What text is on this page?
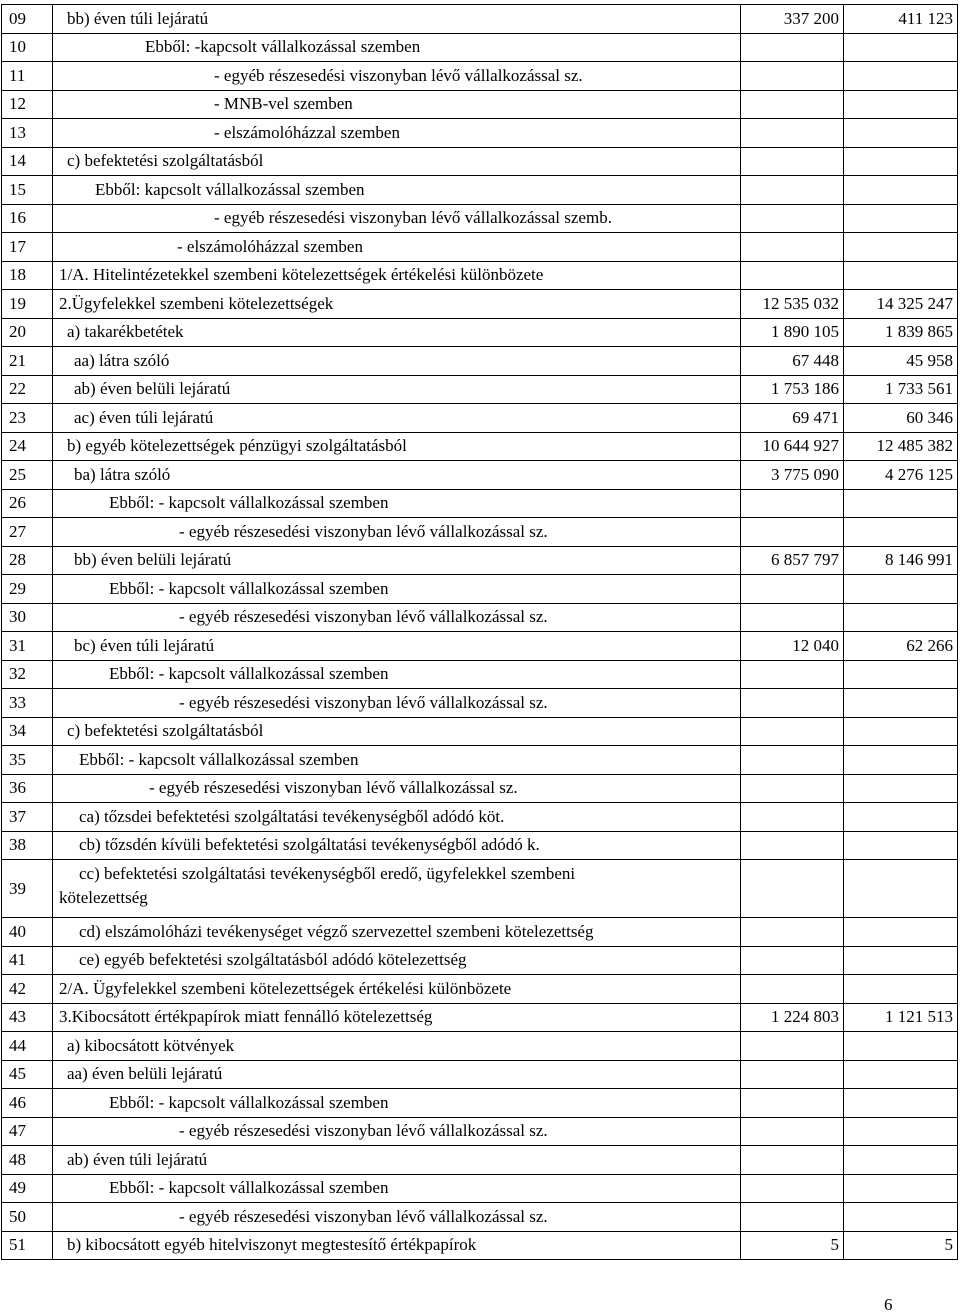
09	bb) éven túli lejáratú	337 200	411 123
10	Ebből: -kapcsolt vállalkozással szemben		
11	- egyéb részesedési viszonyban lévő vállalkozással sz.		
12	- MNB-vel szemben		
13	- elszámolóházzal szemben		
14	c) befektetési szolgáltatásból		
15	Ebből: kapcsolt vállalkozással szemben		
16	- egyéb részesedési viszonyban lévő vállalkozással szemb.		
17	- elszámolóházzal szemben		
18	1/A. Hitelintézetekkel szembeni kötelezettségek értékelési különbözete		
19	2.Ügyfelekkel szembeni kötelezettségek	12 535 032	14 325 247
20	a) takarékbetétek	1 890 105	1 839 865
21	aa) látra szóló	67 448	45 958
22	ab) éven belüli lejáratú	1 753 186	1 733 561
23	ac) éven túli lejáratú	69 471	60 346
24	b) egyéb kötelezettségek pénzügyi szolgáltatásból	10 644 927	12 485 382
25	ba) látra szóló	3 775 090	4 276 125
26	Ebből: - kapcsolt vállalkozással szemben		
27	- egyéb részesedési viszonyban lévő vállalkozással sz.		
28	bb) éven belüli lejáratú	6 857 797	8 146 991
29	Ebből: - kapcsolt vállalkozással szemben		
30	- egyéb részesedési viszonyban lévő vállalkozással sz.		
31	bc) éven túli lejáratú	12 040	62 266
32	Ebből: - kapcsolt vállalkozással szemben		
33	- egyéb részesedési viszonyban lévő vállalkozással sz.		
34	c) befektetési szolgáltatásból		
35	Ebből: - kapcsolt vállalkozással szemben		
36	- egyéb részesedési viszonyban lévő vállalkozással sz.		
37	ca) tőzsdei befektetési szolgáltatási tevékenységből adódó köt.		
38	cb) tőzsdén kívüli befektetési szolgáltatási tevékenységből adódó k.		
39	cc) befektetési szolgáltatási tevékenységből eredő, ügyfelekkel szembeni
kötelezettség		

40	cd) elszámolóházi tevékenységet végző szervezettel szembeni kötelezettség		
41	ce) egyéb befektetési szolgáltatásból adódó kötelezettség		
42	2/A. Ügyfelekkel szembeni kötelezettségek értékelési különbözete		
43	3.Kibocsátott értékpapírok miatt fennálló kötelezettség	1 224 803	1 121 513
44	a) kibocsátott kötvények		
45	aa) éven belüli lejáratú		
46	Ebből: - kapcsolt vállalkozással szemben		
47	- egyéb részesedési viszonyban lévő vállalkozással sz.		
48	ab) éven túli lejáratú		
49	Ebből: - kapcsolt vállalkozással szemben		
50	- egyéb részesedési viszonyban lévő vállalkozással sz.		
51	b) kibocsátott egyéb hitelviszonyt megtestesítő értékpapírok	5	5
6
